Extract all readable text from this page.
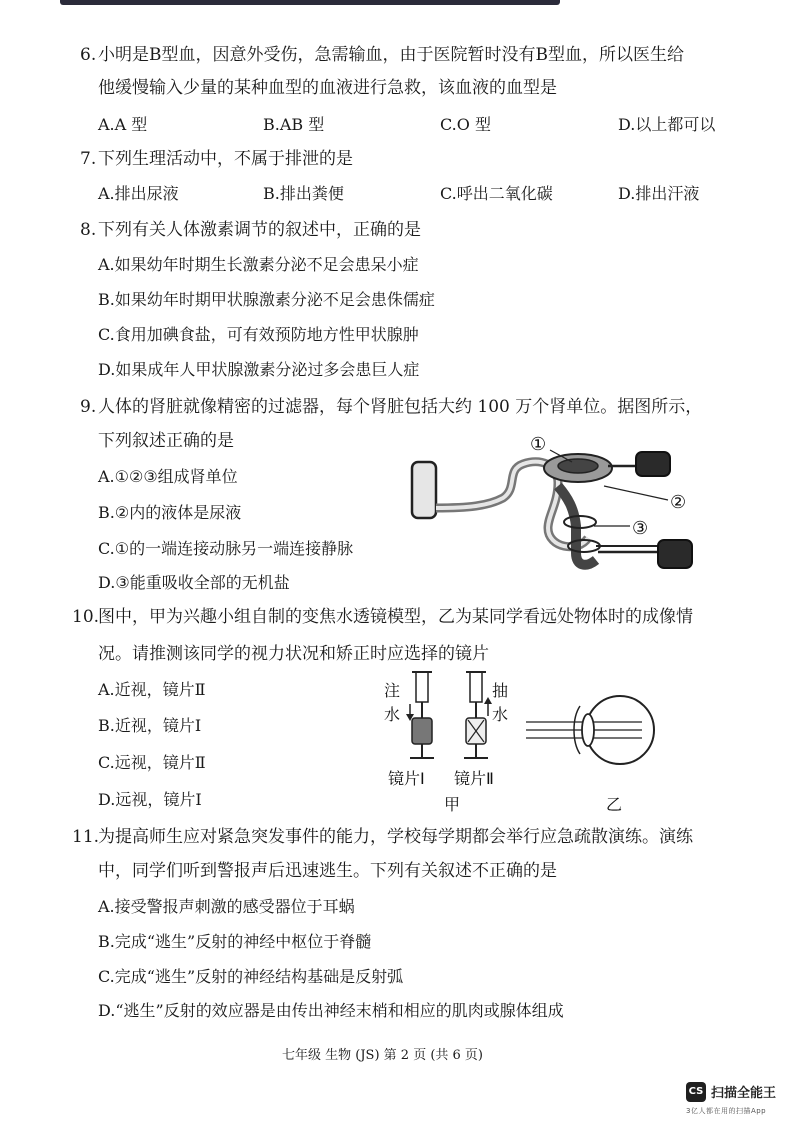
6. 小明是B型血，因意外受伤，急需输血，由于医院暂时没有B型血，所以医生给
他缓慢输入少量的某种血型的血液进行急救，该血液的血型是
A.A 型	B.AB 型	C.O 型	D.以上都可以
7. 下列生理活动中，不属于排泄的是
A.排出尿液	B.排出粪便	C.呼出二氧化碳	D.排出汗液
8. 下列有关人体激素调节的叙述中，正确的是
A.如果幼年时期生长激素分泌不足会患呆小症
B.如果幼年时期甲状腺激素分泌不足会患侏儒症
C.食用加碘食盐，可有效预防地方性甲状腺肿
D.如果成年人甲状腺激素分泌过多会患巨人症
9. 人体的肾脏就像精密的过滤器，每个肾脏包括大约 100 万个肾单位。据图所示，
下列叙述正确的是
A.①②③组成肾单位
B.②内的液体是尿液
C.①的一端连接动脉另一端连接静脉
D.③能重吸收全部的无机盐
①
②
③
10.
图中，甲为兴趣小组自制的变焦水透镜模型，乙为某同学看远处物体时的成像情
况。请推测该同学的视力状况和矫正时应选择的镜片
A.近视，镜片Ⅱ
B.近视，镜片Ⅰ
C.远视，镜片Ⅱ
D.远视，镜片Ⅰ
注
水
抽
水
镜片Ⅰ 镜片Ⅱ
甲	乙
11.
为提高师生应对紧急突发事件的能力，学校每学期都会举行应急疏散演练。演练
中，同学们听到警报声后迅速逃生。下列有关叙述不正确的是
A.接受警报声刺激的感受器位于耳蜗
B.完成“逃生”反射的神经中枢位于脊髓
C.完成“逃生”反射的神经结构基础是反射弧
D.“逃生”反射的效应器是由传出神经末梢和相应的肌肉或腺体组成
七年级 生物 (JS) 第 2 页 (共 6 页)
CS 扫描全能王
3亿人都在用的扫描App
